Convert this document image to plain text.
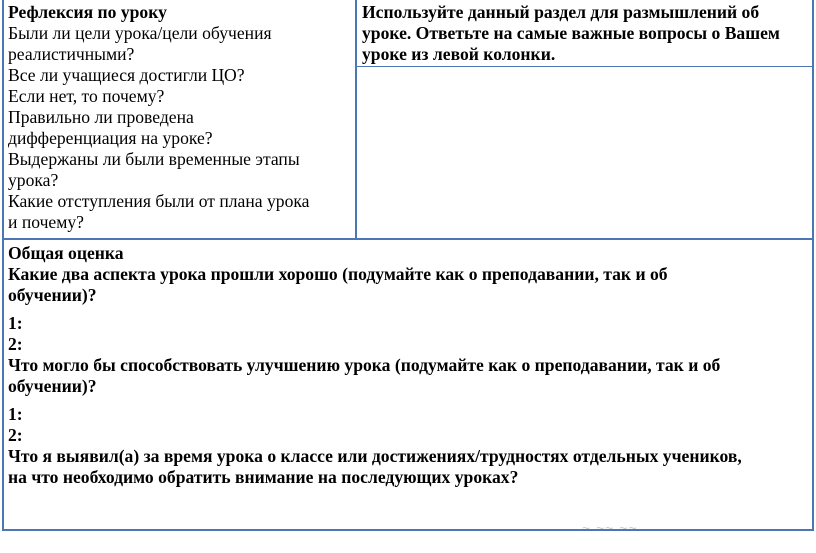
Рефлексия по уроку
Были ли цели урока/цели обучения
реалистичными?
Все ли учащиеся достигли ЦО?
Если нет, то почему?
Правильно ли проведена
дифференциация на уроке?
Выдержаны ли были временные этапы
урока?
Какие отступления были от плана урока
и почему?
Используйте данный раздел для размышлений об
уроке. Ответьте на самые важные вопросы о Вашем
уроке из левой колонки.
Общая оценка
Какие два аспекта урока прошли хорошо (подумайте как о преподавании, так и об
обучении)?
1:
2:
Что могло бы способствовать улучшению урока (подумайте как о преподавании, так и об
обучении)?
1:
2:
Что я выявил(а) за время урока о классе или достижениях/трудностях отдельных учеников,
на что необходимо обратить внимание на последующих уроках?
~ ~~ ~~
